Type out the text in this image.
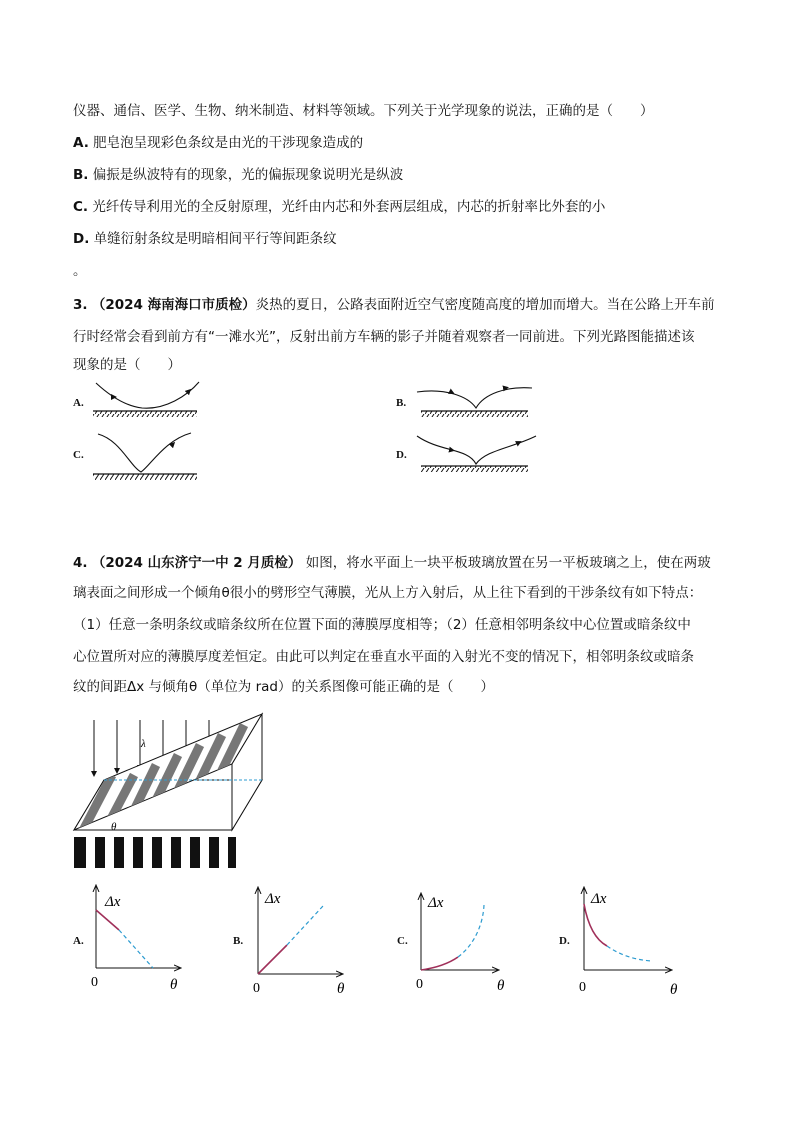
仪器、通信、医学、生物、纳米制造、材料等领域。下列关于光学现象的说法，正确的是（　　）
A. 肥皂泡呈现彩色条纹是由光的干涉现象造成的
B. 偏振是纵波特有的现象，光的偏振现象说明光是纵波
C. 光纤传导利用光的全反射原理，光纤由内芯和外套两层组成，内芯的折射率比外套的小
D. 单缝衍射条纹是明暗相间平行等间距条纹
。
3. （2024 海南海口市质检）炎热的夏日，公路表面附近空气密度随高度的增加而增大。当在公路上开车前
行时经常会看到前方有“一滩水光”，反射出前方车辆的影子并随着观察者一同前进。下列光路图能描述该
现象的是（　　）
A.	B.
C.	D.
4. （2024 山东济宁一中 2 月质检） 如图，将水平面上一块平板玻璃放置在另一平板玻璃之上，使在两玻
璃表面之间形成一个倾角θ很小的劈形空气薄膜，光从上方入射后，从上往下看到的干涉条纹有如下特点：
（1）任意一条明条纹或暗条纹所在位置下面的薄膜厚度相等；（2）任意相邻明条纹中心位置或暗条纹中
心位置所对应的薄膜厚度差恒定。由此可以判定在垂直水平面的入射光不变的情况下，相邻明条纹或暗条
纹的间距Δx 与倾角θ（单位为 rad）的关系图像可能正确的是（　　）
λ
θ
A.	B.	C.	D.
Δx
0	θ
Δx
0	θ
Δx
0	θ
Δx
0	θ
